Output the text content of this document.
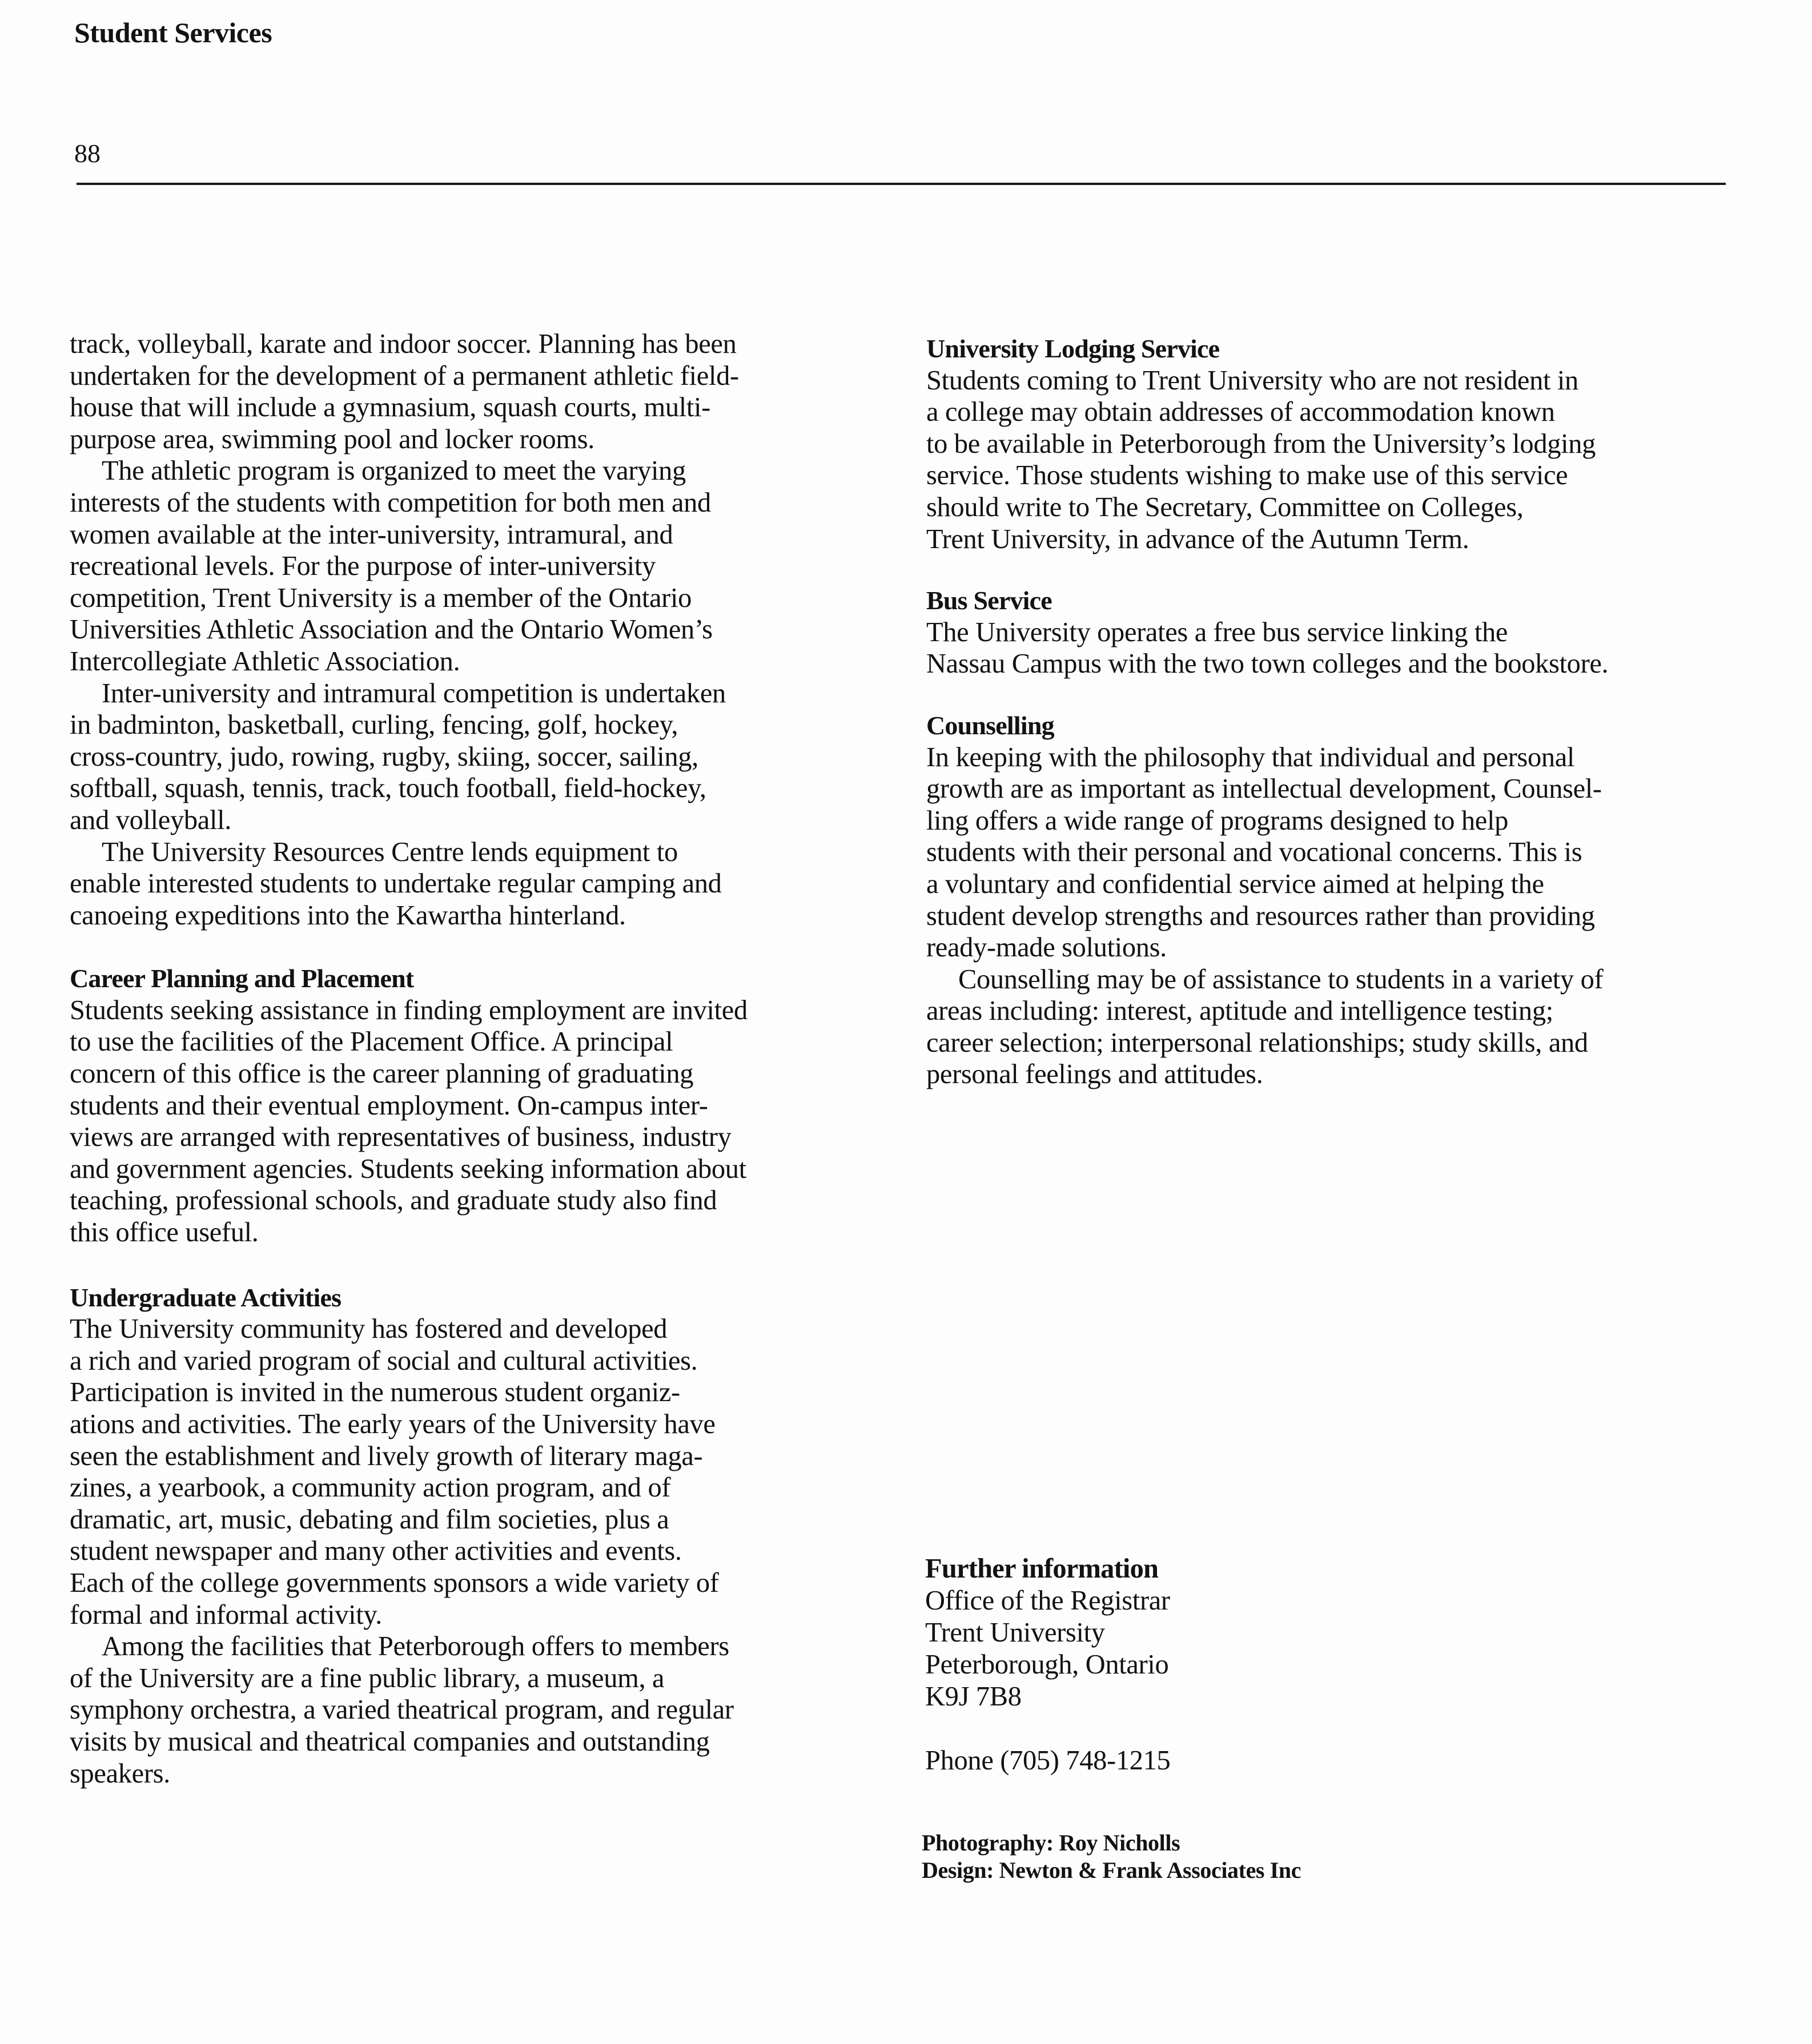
Student Services
88
track, volleyball, karate and indoor soccer. Planning has been
undertaken for the development of a permanent athletic field-
house that will include a gymnasium, squash courts, multi-
purpose area, swimming pool and locker rooms.
The athletic program is organized to meet the varying
interests of the students with competition for both men and
women available at the inter-university, intramural, and
recreational levels. For the purpose of inter-university
competition, Trent University is a member of the Ontario
Universities Athletic Association and the Ontario Women’s
Intercollegiate Athletic Association.
Inter-university and intramural competition is undertaken
in badminton, basketball, curling, fencing, golf, hockey,
cross-country, judo, rowing, rugby, skiing, soccer, sailing,
softball, squash, tennis, track, touch football, field-hockey,
and volleyball.
The University Resources Centre lends equipment to
enable interested students to undertake regular camping and
canoeing expeditions into the Kawartha hinterland.
Career Planning and Placement
Students seeking assistance in finding employment are invited
to use the facilities of the Placement Office. A principal
concern of this office is the career planning of graduating
students and their eventual employment. On-campus inter-
views are arranged with representatives of business, industry
and government agencies. Students seeking information about
teaching, professional schools, and graduate study also find
this office useful.
Undergraduate Activities
The University community has fostered and developed
a rich and varied program of social and cultural activities.
Participation is invited in the numerous student organiz-
ations and activities. The early years of the University have
seen the establishment and lively growth of literary maga-
zines, a yearbook, a community action program, and of
dramatic, art, music, debating and film societies, plus a
student newspaper and many other activities and events.
Each of the college governments sponsors a wide variety of
formal and informal activity.
Among the facilities that Peterborough offers to members
of the University are a fine public library, a museum, a
symphony orchestra, a varied theatrical program, and regular
visits by musical and theatrical companies and outstanding
speakers.
University Lodging Service
Students coming to Trent University who are not resident in
a college may obtain addresses of accommodation known
to be available in Peterborough from the University’s lodging
service. Those students wishing to make use of this service
should write to The Secretary, Committee on Colleges,
Trent University, in advance of the Autumn Term.
Bus Service
The University operates a free bus service linking the
Nassau Campus with the two town colleges and the bookstore.
Counselling
In keeping with the philosophy that individual and personal
growth are as important as intellectual development, Counsel-
ling offers a wide range of programs designed to help
students with their personal and vocational concerns. This is
a voluntary and confidential service aimed at helping the
student develop strengths and resources rather than providing
ready-made solutions.
Counselling may be of assistance to students in a variety of
areas including: interest, aptitude and intelligence testing;
career selection; interpersonal relationships; study skills, and
personal feelings and attitudes.
Further information
Office of the Registrar
Trent University
Peterborough, Ontario
K9J 7B8
Phone (705) 748-1215
Photography: Roy Nicholls
Design: Newton & Frank Associates Inc
